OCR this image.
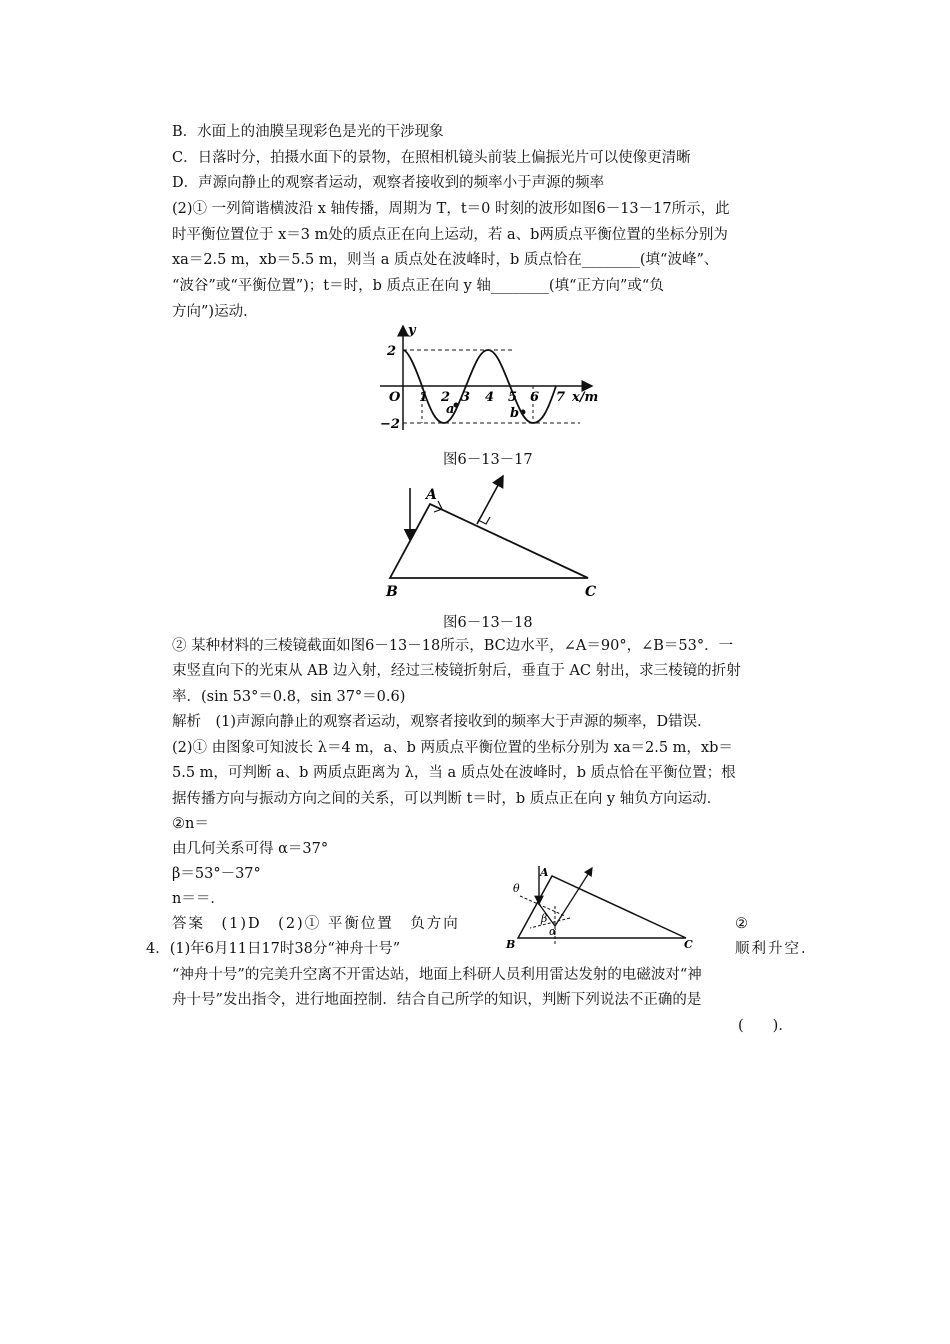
B．水面上的油膜呈现彩色是光的干涉现象
C．日落时分，拍摄水面下的景物，在照相机镜头前装上偏振光片可以使像更清晰
D．声源向静止的观察者运动，观察者接收到的频率小于声源的频率
(2)① 一列简谐横波沿 x 轴传播，周期为 T，t＝0 时刻的波形如图6－13－17所示，此
时平衡位置位于 x＝3 m处的质点正在向上运动，若 a、b两质点平衡位置的坐标分别为
xa＝2.5 m，xb＝5.5 m，则当 a 质点处在波峰时，b 质点恰在________(填“波峰”、
“波谷”或“平衡位置”)；t＝时，b 质点正在向 y 轴________(填“正方向”或“负
方向”)运动.
y
2
−2
O 1 2 3 4 5 6 7 x/m
a	b
图6－13－17
A
B	C
图6－13－18
② 某种材料的三棱镜截面如图6－13－18所示，BC边水平，∠A＝90°，∠B＝53°．一
束竖直向下的光束从 AB 边入射，经过三棱镜折射后，垂直于 AC 射出，求三棱镜的折射
率．(sin 53°＝0.8，sin 37°＝0.6)
解析　(1)声源向静止的观察者运动，观察者接收到的频率大于声源的频率，D错误．
(2)① 由图象可知波长 λ＝4 m，a、b 两质点平衡位置的坐标分别为 xa＝2.5 m，xb＝
5.5 m，可判断 a、b 两质点距离为 λ，当 a 质点处在波峰时，b 质点恰在平衡位置；根
据传播方向与振动方向之间的关系，可以判断 t＝时，b 质点正在向 y 轴负方向运动．
②n＝
由几何关系可得 α＝37°
β＝53°－37°
n＝＝．
A
B	C
θ
β
α
答案　(1)D　(2)① 平衡位置　负方向	②
4．(1)年6月11日17时38分“神舟十号”	顺利升空．
“神舟十号”的完美升空离不开雷达站，地面上科研人员利用雷达发射的电磁波对“神
舟十号”发出指令，进行地面控制．结合自己所学的知识，判断下列说法不正确的是
(　　)．
